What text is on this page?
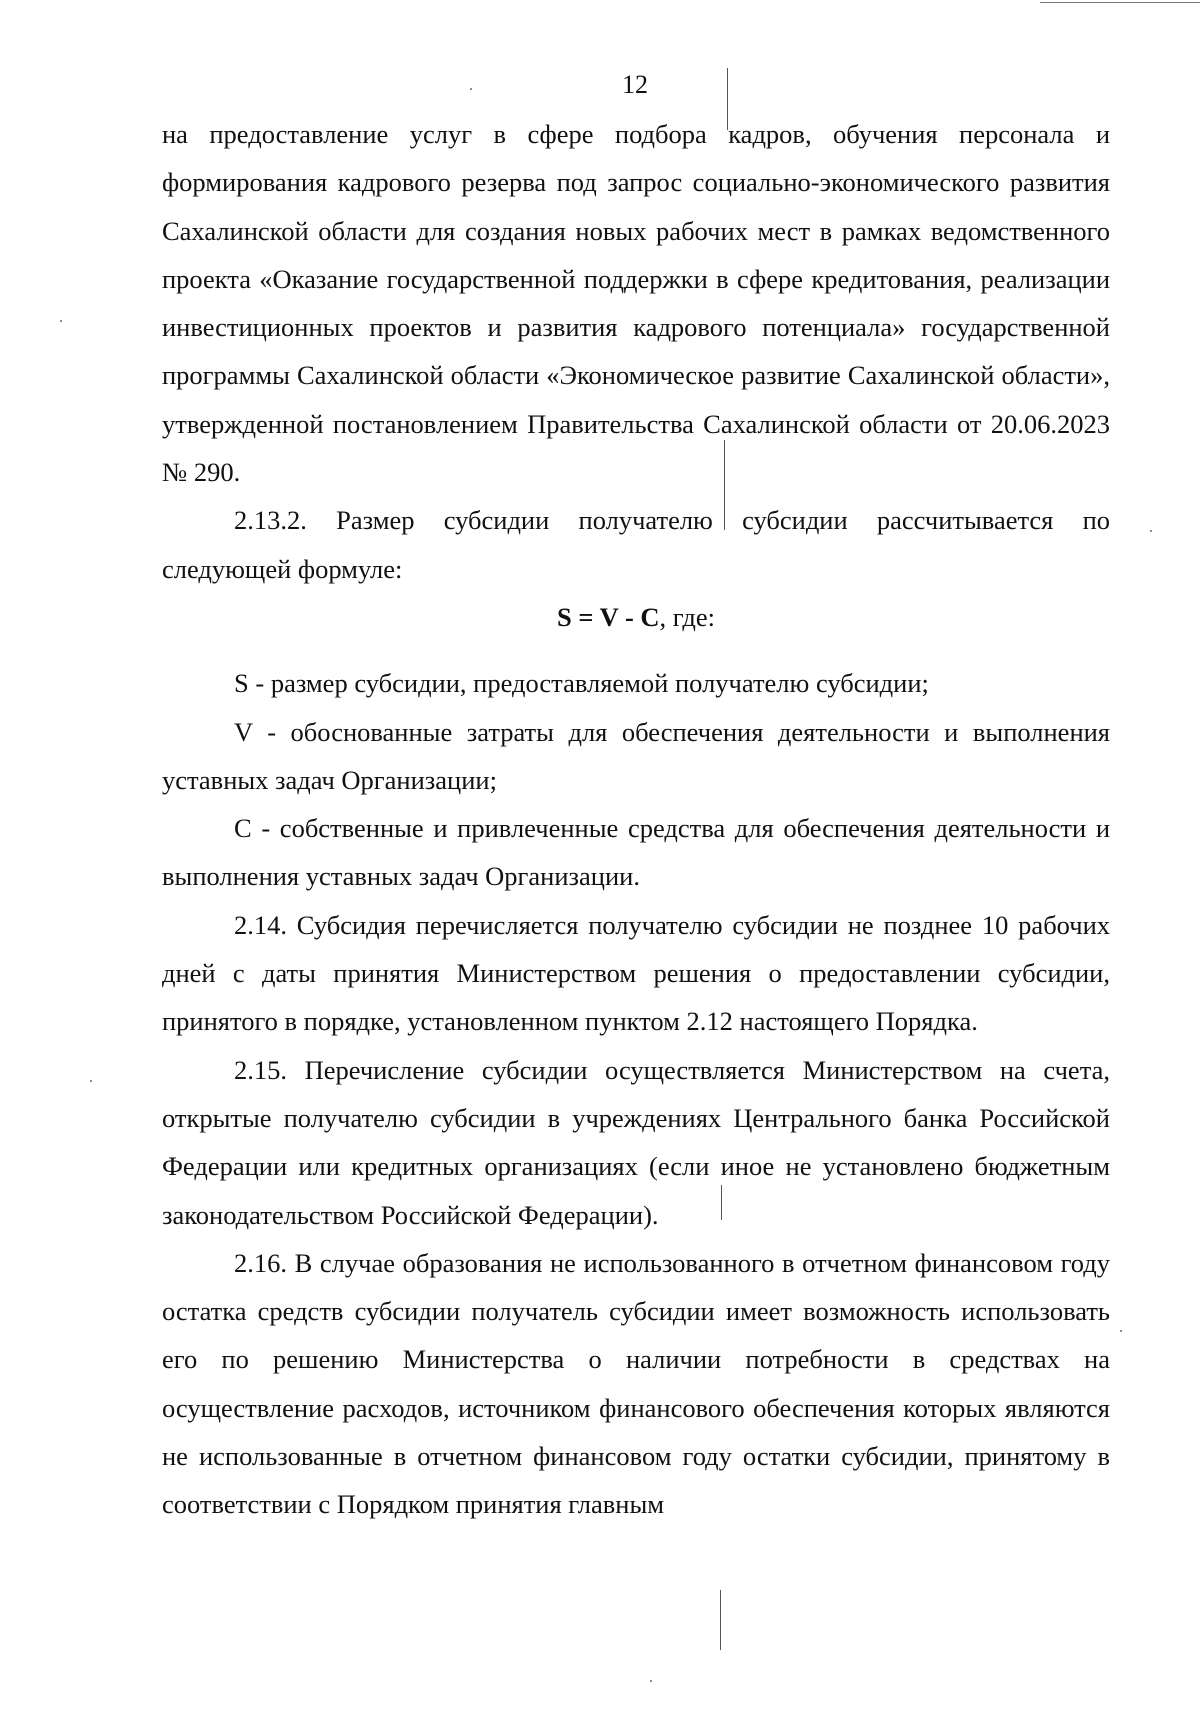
12

на предоставление услуг в сфере подбора кадров, обучения персонала и формирования кадрового резерва под запрос социально-экономического развития Сахалинской области для создания новых рабочих мест в рамках ведомственного проекта «Оказание государственной поддержки в сфере кредитования, реализации инвестиционных проектов и развития кадрового потенциала» государственной программы Сахалинской области «Экономическое развитие Сахалинской области», утвержденной постановлением Правительства Сахалинской области от 20.06.2023 № 290.

2.13.2. Размер субсидии получателю субсидии рассчитывается по следующей формуле:

S = V - C, где:

S - размер субсидии, предоставляемой получателю субсидии;

V - обоснованные затраты для обеспечения деятельности и выполнения уставных задач Организации;

С - собственные и привлеченные средства для обеспечения деятельности и выполнения уставных задач Организации.

2.14. Субсидия перечисляется получателю субсидии не позднее 10 рабочих дней с даты принятия Министерством решения о предоставлении субсидии, принятого в порядке, установленном пунктом 2.12 настоящего Порядка.

2.15. Перечисление субсидии осуществляется Министерством на счета, открытые получателю субсидии в учреждениях Центрального банка Российской Федерации или кредитных организациях (если иное не установлено бюджетным законодательством Российской Федерации).

2.16. В случае образования не использованного в отчетном финансовом году остатка средств субсидии получатель субсидии имеет возможность использовать его по решению Министерства о наличии потребности в средствах на осуществление расходов, источником финансового обеспечения которых являются не использованные в отчетном финансовом году остатки субсидии, принятому в соответствии с Порядком принятия главным
